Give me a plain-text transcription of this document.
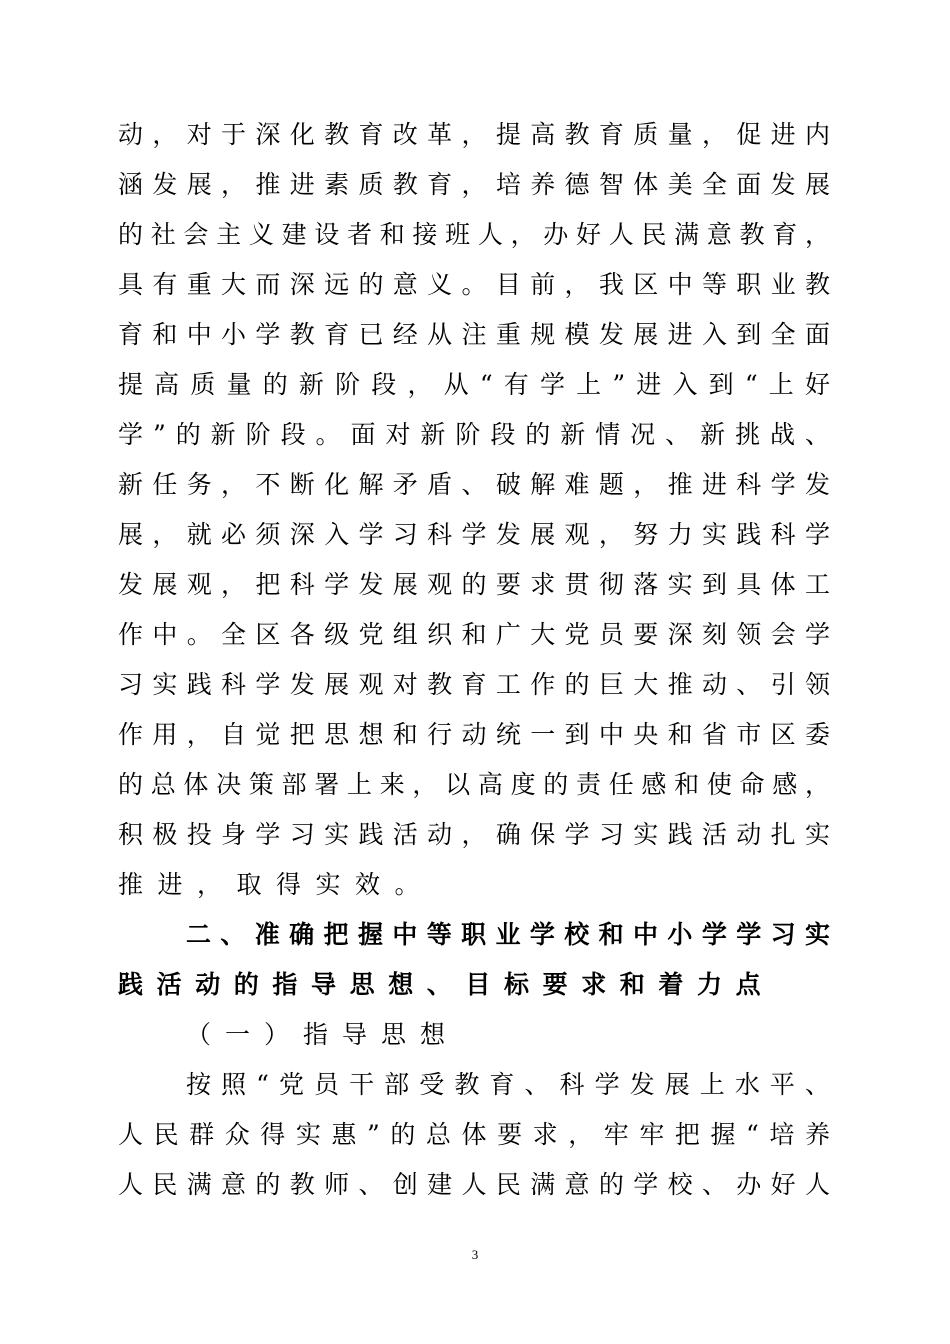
动，对于深化教育改革，提高教育质量，促进内
涵发展，推进素质教育，培养德智体美全面发展
的社会主义建设者和接班人，办好人民满意教育，
具有重大而深远的意义。目前，我区中等职业教
育和中小学教育已经从注重规模发展进入到全面
提高质量的新阶段，从“有学上”进入到“上好
学”的新阶段。面对新阶段的新情况、新挑战、
新任务，不断化解矛盾、破解难题，推进科学发
展，就必须深入学习科学发展观，努力实践科学
发展观，把科学发展观的要求贯彻落实到具体工
作中。全区各级党组织和广大党员要深刻领会学
习实践科学发展观对教育工作的巨大推动、引领
作用，自觉把思想和行动统一到中央和省市区委
的总体决策部署上来，以高度的责任感和使命感，
积极投身学习实践活动，确保学习实践活动扎实
推进，取得实效。
二、准确把握中等职业学校和中小学学习实
践活动的指导思想、目标要求和着力点
（一）指导思想
按照“党员干部受教育、科学发展上水平、
人民群众得实惠”的总体要求，牢牢把握“培养
人民满意的教师、创建人民满意的学校、办好人
3
